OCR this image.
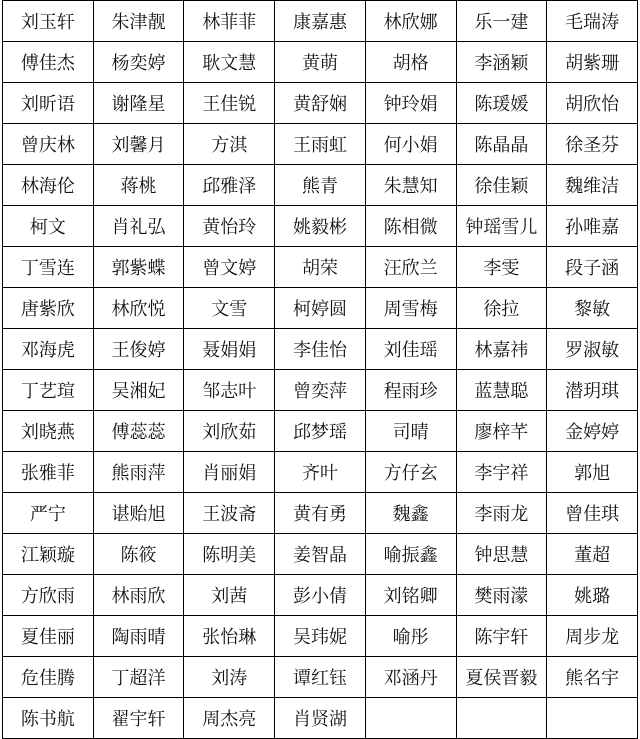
刘玉轩	朱津靓	林菲菲	康嘉惠	林欣娜	乐一建	毛瑞涛
傅佳杰	杨奕婷	耿文慧	黄萌	胡格	李涵颖	胡紫珊
刘昕语	谢隆星	王佳锐	黄舒娴	钟玲娟	陈瑗媛	胡欣怡
曾庆林	刘馨月	方淇	王雨虹	何小娟	陈晶晶	徐圣芬
林海伦	蒋桃	邱雅泽	熊青	朱慧知	徐佳颖	魏维洁
柯文	肖礼弘	黄怡玲	姚毅彬	陈相微	钟瑶雪儿	孙唯嘉
丁雪连	郭紫蝶	曾文婷	胡荣	汪欣兰	李雯	段子涵
唐紫欣	林欣悦	文雪	柯婷圆	周雪梅	徐拉	黎敏
邓海虎	王俊婷	聂娟娟	李佳怡	刘佳瑶	林嘉祎	罗淑敏
丁艺瑄	吴湘妃	邹志叶	曾奕萍	程雨珍	蓝慧聪	潜玥琪
刘晓燕	傅蕊蕊	刘欣茹	邱梦瑶	司晴	廖梓芊	金婷婷
张雅菲	熊雨萍	肖丽娟	齐叶	方仔玄	李宇祥	郭旭
严宁	谌贻旭	王波斋	黄有勇	魏鑫	李雨龙	曾佳琪
江颖璇	陈筱	陈明美	姜智晶	喻振鑫	钟思慧	董超
方欣雨	林雨欣	刘茜	彭小倩	刘铭卿	樊雨濛	姚璐
夏佳丽	陶雨晴	张怡琳	吴玮妮	喻彤	陈宇轩	周步龙
危佳腾	丁超洋	刘涛	谭红钰	邓涵丹	夏侯晋毅	熊名宇
陈书航	翟宇轩	周杰亮	肖贤湖			
